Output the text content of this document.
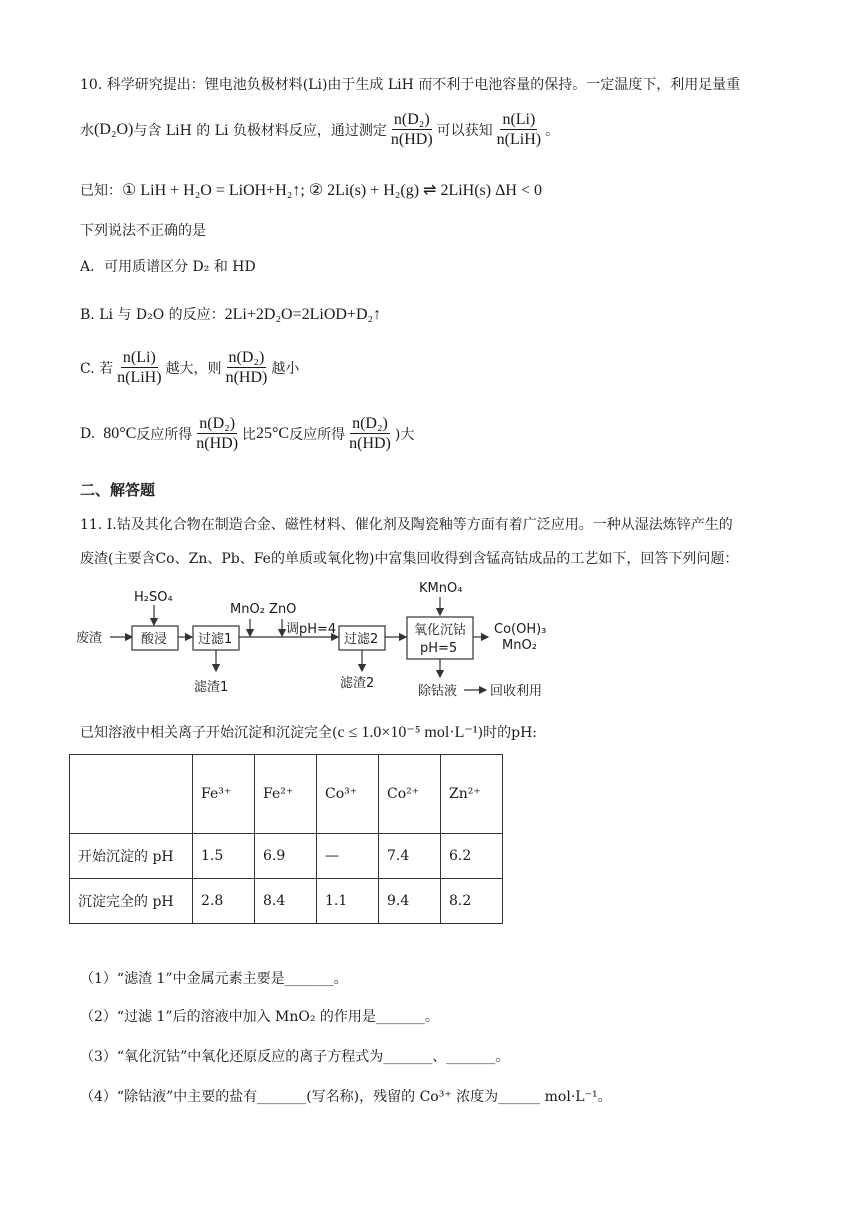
10. 科学研究提出：锂电池负极材料(Li)由于生成 LiH 而不利于电池容量的保持。一定温度下，利用足量重
水 (D₂O) 与含 LiH 的 Li 负极材料反应，通过测定 $\frac{\text{n(D₂)}}{n(HD)}$ 可以获知 $\frac{n(Li)}{\text{n(LiH)}}$ 。
已知：① LiH + H₂O = LiOH+H₂↑; ② 2Li(s) + H₂(g) ⇌ 2LiH(s) ΔH < 0
下列说法不正确的是
A．可用质谱区分 D₂ 和 HD
B. Li 与 D₂O 的反应：2Li+2D₂O=2LiOD+D₂↑
C. 若 $\frac{n(Li)}{\text{n(LiH)}}$ 越大，则 $\frac{\text{n(D₂)}}{n(HD)}$ 越小
D. 80°C 反应所得 $\frac{\text{n(D₂)}}{n(HD)}$ 比 25°C 反应所得 $\frac{\text{n(D₂)}}{n(HD)}$ )大
二、解答题
11. Ⅰ.钴及其化合物在制造合金、磁性材料、催化剂及陶瓷釉等方面有着广泛应用。一种从湿法炼锌产生的
废渣(主要含Co、Zn、Pb、Fe的单质或氧化物)中富集回收得到含锰高钴成品的工艺如下，回答下列问题：
废渣
H₂SO₄
酸浸 过滤1
滤渣1
MnO₂ ZnO
调pH=4
过滤2
滤渣2
KMnO₄
氧化沉钴
pH=5
Co(OH)₃
MnO₂
除钴液	回收利用
已知溶液中相关离子开始沉淀和沉淀完全(c ≤ 1.0×10⁻⁵ mol·L⁻¹)时的pH:
	Fe³⁺	Fe²⁺	Co³⁺	Co²⁺	Zn²⁺
开始沉淀的 pH	1.5	6.9	—	7.4	6.2
沉淀完全的 pH	2.8	8.4	1.1	9.4	8.2
（1）“滤渣 1”中金属元素主要是_______。
（2）“过滤 1”后的溶液中加入 MnO₂ 的作用是_______。
（3）“氧化沉钴”中氧化还原反应的离子方程式为_______、_______。
（4）“除钴液”中主要的盐有_______(写名称)，残留的 Co³⁺ 浓度为______ mol·L⁻¹。
